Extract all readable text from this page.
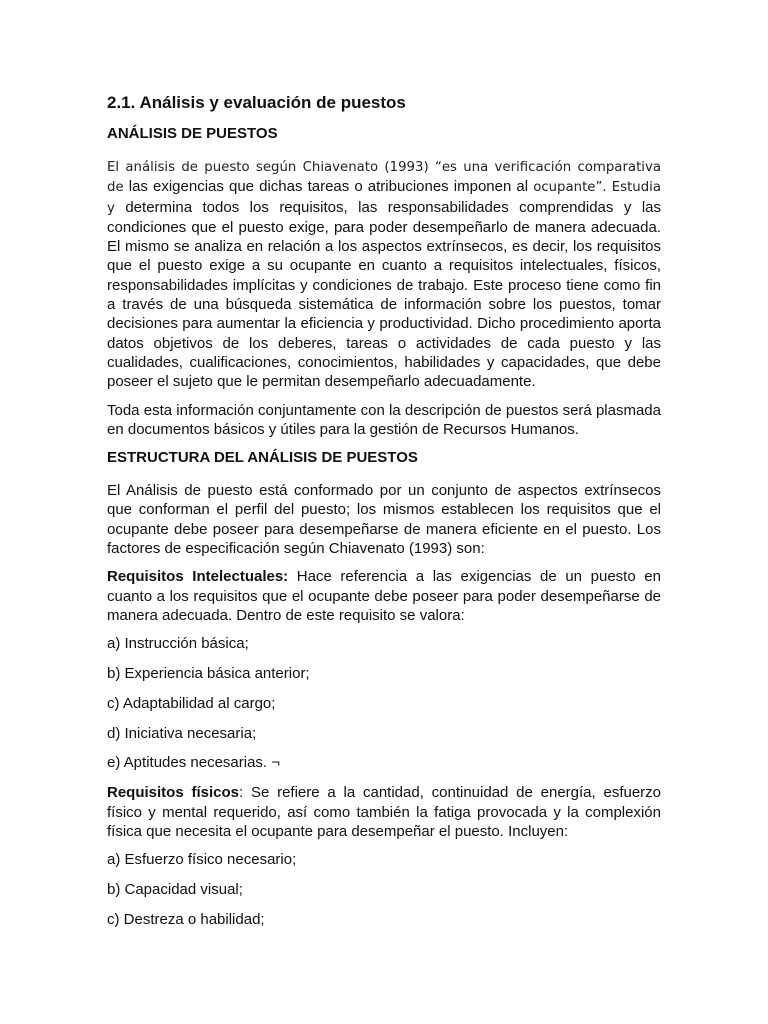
2.1. Análisis y evaluación de puestos
ANÁLISIS DE PUESTOS

El análisis de puesto según Chiavenato (1993) “es una verificación comparativa de las exigencias que dichas tareas o atribuciones imponen al ocupante”. Estudia y determina todos los requisitos, las responsabilidades comprendidas y las condiciones que el puesto exige, para poder desempeñarlo de manera adecuada. El mismo se analiza en relación a los aspectos extrínsecos, es decir, los requisitos que el puesto exige a su ocupante en cuanto a requisitos intelectuales, físicos, responsabilidades implícitas y condiciones de trabajo. Este proceso tiene como fin a través de una búsqueda sistemática de información sobre los puestos, tomar decisiones para aumentar la eficiencia y productividad. Dicho procedimiento aporta datos objetivos de los deberes, tareas o actividades de cada puesto y las cualidades, cualificaciones, conocimientos, habilidades y capacidades, que debe poseer el sujeto que le permitan desempeñarlo adecuadamente.

Toda esta información conjuntamente con la descripción de puestos será plasmada en documentos básicos y útiles para la gestión de Recursos Humanos.

ESTRUCTURA DEL ANÁLISIS DE PUESTOS

El Análisis de puesto está conformado por un conjunto de aspectos extrínsecos que conforman el perfil del puesto; los mismos establecen los requisitos que el ocupante debe poseer para desempeñarse de manera eficiente en el puesto. Los factores de especificación según Chiavenato (1993) son:

Requisitos Intelectuales: Hace referencia a las exigencias de un puesto en cuanto a los requisitos que el ocupante debe poseer para poder desempeñarse de manera adecuada. Dentro de este requisito se valora:

a) Instrucción básica;
b) Experiencia básica anterior;
c) Adaptabilidad al cargo;
d) Iniciativa necesaria;
e) Aptitudes necesarias. ¬

Requisitos físicos: Se refiere a la cantidad, continuidad de energía, esfuerzo físico y mental requerido, así como también la fatiga provocada y la complexión física que necesita el ocupante para desempeñar el puesto. Incluyen:

a) Esfuerzo físico necesario;
b) Capacidad visual;
c) Destreza o habilidad;
